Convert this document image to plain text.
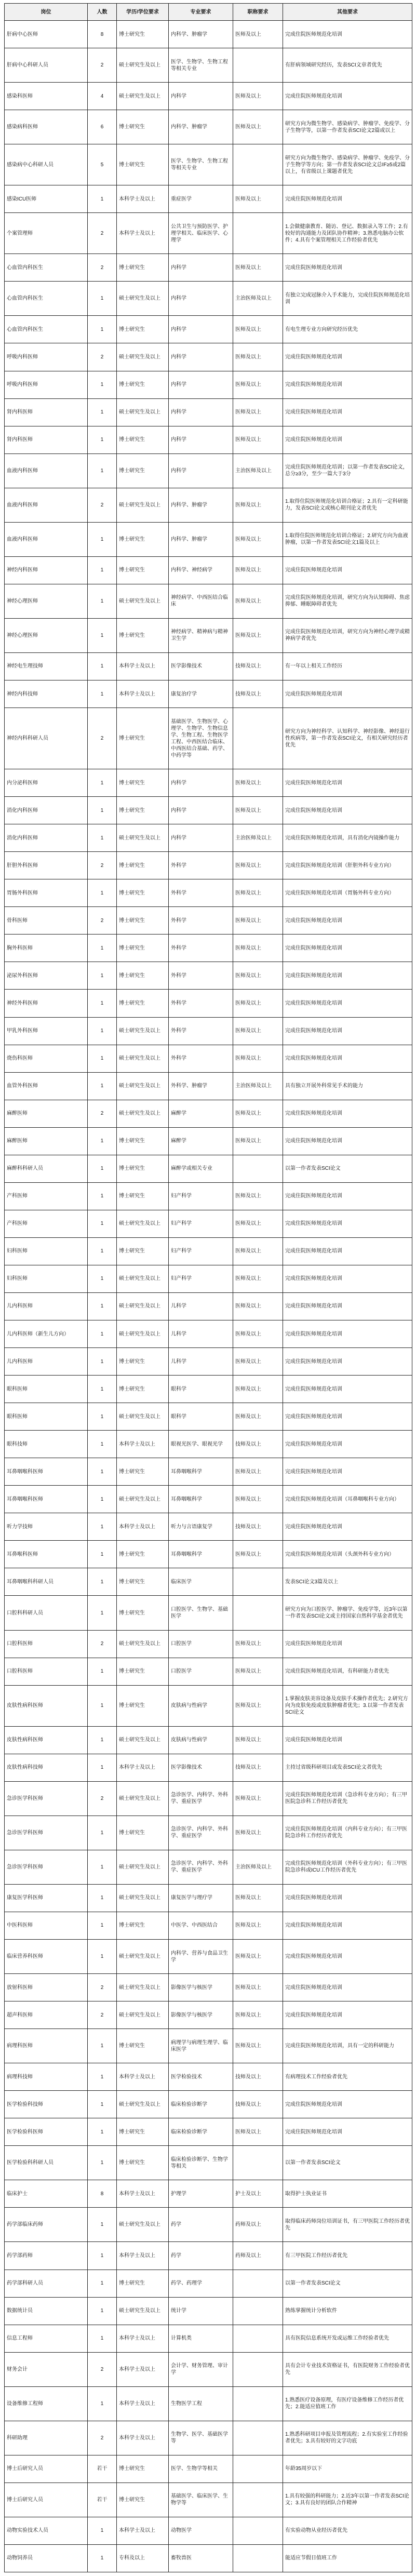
岗位	人数	学历/学位要求	专业要求	职称要求	其他要求
肝病中心医师	8	博士研究生	内科学、肿瘤学	医师及以上	完成住院医师规范化培训
肝病中心科研人员	2	硕士研究生及以上	医学、生物学、生物工程等相关专业		有肝病领域研究经历，发表SCI文章者优先
感染科医师	4	硕士研究生及以上	内科学	医师及以上	完成住院医师规范化培训
感染病科医师	6	博士研究生	内科学、肿瘤学	医师及以上	研究方向为微生物学、感染病学、肿瘤学、免疫学、分子生物学等，以第一作者发表SCI论文2篇或以上
感染病中心科研人员	5	博士研究生	医学、生物学、生物工程等相关专业		研究方向为微生物学、感染病学、肿瘤学、免疫学、分子生物学等方向；第一作者发表SCI论文总IF≥5或2篇以上，有省级以上课题者优先
感染ICU医师	1	本科学士及以上	重症医学	医师及以上	完成住院医师规范化培训
个案管理师	2	本科学士及以上	公共卫生与预防医学、护理学相关、临床医学、心理学		1.会做健康教育、随访、登记、数据录入等工作；2.有较好的沟通能力及团队协作精神；3.熟悉电脑办公软件；4.具有个案管理相关工作经验者优先
心血管内科医生	2	博士研究生	内科学	医师及以上	完成住院医师规范化培训
心血管内科医生	1	硕士研究生及以上	内科学	主治医师及以上	有独立完成冠脉介入手术能力，完成住院医师规范化培训
心血管内科医生	1	博士研究生	内科学	医师及以上	有电生理专业方向研究经历优先
呼吸内科医师	2	硕士研究生及以上	内科学	医师及以上	完成住院医师规范化培训
呼吸内科医师	1	博士研究生	内科学	医师及以上	完成住院医师规范化培训
肾内科医师	1	硕士研究生及以上	内科学	医师及以上	完成住院医师规范化培训
肾内科医师	1	博士研究生	内科学	医师及以上	完成住院医师规范化培训
血液内科医师	1	博士研究生	内科学	主治医师及以上	完成住院医师规范化培训；以第一作者发表SCI论文，总分≥3分，至少一篇大于3分
血液内科医师	2	硕士研究生及以上	内科学、肿瘤学	医师及以上	1.取得住院医师规范化培训合格证；2.具有一定科研能力，发表SCI论文或核心期刊论文者优先
血液内科医师	1	博士研究生	内科学、肿瘤学	医师及以上	1.取得住院医师规范化培训合格证；2.研究方向为血液肿瘤，以第一作者发表SCI论文1篇及以上
神经内科医师	1	博士研究生	内科学、神经病学	医师及以上	完成住院医师规范化培训
神经心理医师	1	硕士研究生及以上	神经病学、中西医结合临床	医师及以上	完成住院医师规范化培训，研究方向为认知障碍、焦虑抑郁、睡眠障碍者优先
神经心理医师	1	博士研究生	神经病学、精神病与精神卫生学	医师及以上	完成住院医师规范化培训，研究方向为神经心理学或精神病学者优先
神经电生理技师	1	本科学士及以上	医学影像技术	技师及以上	有一年以上相关工作经历
神经内科技师	1	本科学士及以上	康复治疗学	技师及以上	完成住院医师规范化培训
神经内科科研人员	2	博士研究生	基础医学、生物医学、心理学、生物学、生物信息学、生物工程、生物医学工程、中西医结合临床、中西医结合基础、药学、中药学等		研究方向为神经科学、认知科学、神经影像、神经退行性疾病等，第一作者发表SCI论文，有相关研究经历者优先
内分泌科医师	1	博士研究生	内科学	医师及以上	完成住院医师规范化培训
消化内科医师	1	博士研究生	内科学	医师及以上	完成住院医师规范化培训
消化内科医师	1	硕士研究生及以上	内科学	主治医师及以上	完成住院医师规范化培训，具有消化内镜操作能力
肝胆外科医师	2	博士研究生	外科学	医师及以上	完成住院医师规范化培训（肝胆外科专业方向）
胃肠外科医师	1	博士研究生	外科学	医师及以上	完成住院医师规范化培训（胃肠外科专业方向）
骨科医师	2	博士研究生	外科学	医师及以上	完成住院医师规范化培训
胸外科医师	1	博士研究生	外科学	医师及以上	完成住院医师规范化培训
泌尿外科医师	1	博士研究生	外科学	医师及以上	完成住院医师规范化培训
神经外科医师	1	博士研究生	外科学	医师及以上	完成住院医师规范化培训
甲乳外科医师	1	硕士研究生及以上	外科学	医师及以上	完成住院医师规范化培训
烧伤科医师	1	硕士研究生及以上	外科学	医师及以上	完成住院医师规范化培训
血管外科医师	1	硕士研究生及以上	外科学、肿瘤学	主治医师及以上	具有独立开展外科常见手术的能力
麻醉医师	2	硕士研究生及以上	麻醉学	医师及以上	完成住院医师规范化培训
麻醉医师	1	博士研究生	麻醉学	医师及以上	完成住院医师规范化培训
麻醉科科研人员	1	博士研究生	麻醉学或相关专业		以第一作者发表SCI论文
产科医师	1	博士研究生	妇产科学	医师及以上	完成住院医师规范化培训
产科医师	1	硕士研究生及以上	妇产科学	医师及以上	完成住院医师规范化培训
妇科医师	1	博士研究生	妇产科学	医师及以上	完成住院医师规范化培训
妇科医师	1	硕士研究生及以上	妇产科学	医师及以上	完成住院医师规范化培训
儿内科医师	1	硕士研究生及以上	儿科学	医师及以上	完成住院医师规范化培训
儿内科医师（新生儿方向）	1	硕士研究生及以上	儿科学	医师及以上	完成住院医师规范化培训
儿内科医师	1	博士研究生	儿科学	医师及以上	完成住院医师规范化培训
眼科医师	1	博士研究生	眼科学	医师及以上	完成住院医师规范化培训
眼科医师	1	硕士研究生及以上	眼科学	医师及以上	完成住院医师规范化培训
眼科技师	1	本科学士及以上	眼视光医学、眼视光学	技师及以上	完成住院医师规范化培训
耳鼻咽喉科医师	1	博士研究生	耳鼻咽喉科学	医师及以上	完成住院医师规范化培训
耳鼻咽喉科医师	1	硕士研究生及以上	耳鼻咽喉科学	医师及以上	完成住院医师规范化培训（耳鼻咽喉科专业方向）
听力学技师	1	本科学士及以上	听力与言语康复学	技师及以上	完成住院医师规范化培训
耳鼻喉科医师	1	博士研究生	耳鼻咽喉科学	医师及以上	完成住院医师规范化培训（头颈外科专业方向）
耳鼻咽喉科科研人员	1	博士研究生	临床医学		发表SCI论文3篇及以上
口腔科科研人员	1	博士研究生	口腔医学、生物学、基础医学		研究方向为口腔医学、肿瘤学、免疫学等，近3年以第一作者发表SCI论文或主持国家自然科学基金者优先
口腔科医师	2	硕士研究生及以上	口腔医学	医师及以上	完成住院医师规范化培训
口腔科医师	1	博士研究生	口腔医学	医师及以上	完成住院医师规范化培训，有科研能力者优先
皮肤性病科医师	1	博士研究生	皮肤病与性病学	医师及以上	1.掌握皮肤美容设备及皮肤手术操作者优先；2.研究方向为皮肤免疫或皮肤肿瘤者优先；3.以第一作者发表SCI论文
皮肤性病科医师	1	硕士研究生及以上	皮肤病与性病学	医师及以上	完成住院医师规范化培训
皮肤性病科技师	1	本科学士及以上	医学影像技术	技师及以上	主持过省级科研项目或发表SCI论文者优先
急诊医学科医师	2	硕士研究生及以上	急诊医学、内科学、外科学、重症医学	医师及以上	完成住院医师规范化培训（急诊科专业方向）；有三甲医院急诊科工作经历者优先
急诊医学科医师	1	博士研究生	急诊医学、内科学、外科学、重症医学	医师及以上	完成住院医师规范化培训（内科专业方向）；有三甲医院急诊科工作经历者优先
急诊医学科医师	1	硕士研究生及以上	急诊医学、内科学、外科学、重症医学	主治医师及以上	完成住院医师规范化培训（外科专业方向）；有三甲医院急诊科或ICU工作经历者优先
康复医学科医师	1	硕士研究生及以上	康复医学与理疗学	医师及以上	完成住院医师规范化培训
中医科医师	1	博士研究生	中医学、中西医结合	医师及以上	完成住院医师规范化培训
临床营养科医师	1	硕士研究生及以上	内科学、营养与食品卫生学	医师及以上	完成住院医师规范化培训
放射科医师	2	硕士研究生及以上	影像医学与核医学	医师及以上	完成住院医师规范化培训
超声科医师	2	硕士研究生及以上	影像医学与核医学	医师及以上	完成住院医师规范化培训
病理科医师	1	博士研究生	病理学与病理生理学、临床医学	医师及以上	完成住院医师规范化培训，具有一定的科研能力
病理科技师	1	本科学士及以上	医学检验技术	技师及以上	有病理技术工作经验者优先
医学检验科技师	1	硕士研究生及以上	临床检验诊断学	技师及以上	完成住院医师规范化培训
医学检验科医师	1	博士研究生	临床检验诊断学	医师及以上	完成住院医师规范化培训
医学检验科科研人员	1	博士研究生	临床检验诊断学、生物学等相关		以第一作者发表SCI论文
临床护士	8	本科学士及以上	护理学	护士及以上	取得护士执业证书
药学部临床药师	1	硕士研究生及以上	药学	药师及以上	取得临床药师岗位培训证书，有三甲医院工作经历者优先
药学部药师	1	本科学士及以上	药学	药师及以上	有三甲医院工作经历者优先
药学部科研人员	1	博士研究生	药学、药理学		以第一作者发表SCI论文
数据统计员	1	硕士研究生及以上	统计学		熟练掌握统计分析软件
信息工程师	1	本科学士及以上	计算机类		具有医院信息系统开发或运维工作经验者优先
财务会计	2	本科学士及以上	会计学、财务管理、审计学		具有会计专业技术资格证书，有医院财务工作经验者优先
设备维修工程师	1	本科学士及以上	生物医学工程		1.熟悉医疗设备原理，有医疗设备维修工作经历者优先；2.能适应值班工作
科研助理	2	本科学士及以上	生物学、医学、基础医学等		1.熟悉科研项目申报及管理流程；2.有实验室工作经验者优先；3.具有较好的文字功底
博士后研究人员	若干	博士研究生	医学、生物学等相关		年龄35周岁以下
博士后研究人员	若干	博士研究生	基础医学、临床医学、生物学等		1.具有较强的科研能力；2.近3年以第一作者发表SCI论文；3.具有良好的团队合作精神
动物实验技术人员	1	本科学士及以上	动物医学		有实验动物从业经历者优先
动物饲养员	1	专科及以上	畜牧兽医		能适应节假日值班工作
